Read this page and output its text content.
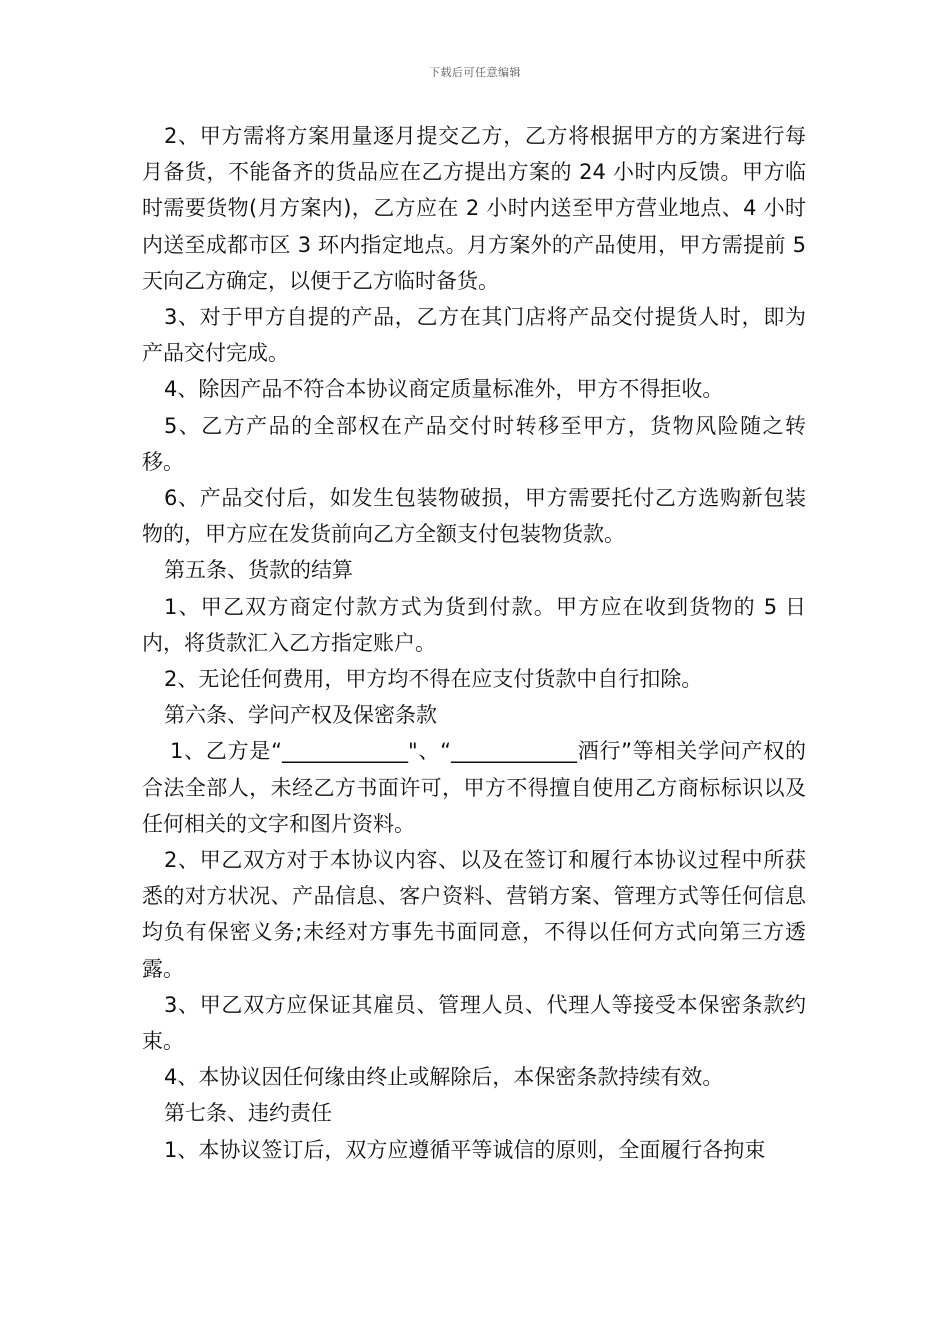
下载后可任意编辑

2、甲方需将方案用量逐月提交乙方，乙方将根据甲方的方案进行每月备货，不能备齐的货品应在乙方提出方案的 24 小时内反馈。甲方临时需要货物(月方案内)，乙方应在 2 小时内送至甲方营业地点、4 小时内送至成都市区 3 环内指定地点。月方案外的产品使用，甲方需提前 5 天向乙方确定，以便于乙方临时备货。

3、对于甲方自提的产品，乙方在其门店将产品交付提货人时，即为产品交付完成。

4、除因产品不符合本协议商定质量标准外，甲方不得拒收。

5、乙方产品的全部权在产品交付时转移至甲方，货物风险随之转移。

6、产品交付后，如发生包装物破损，甲方需要托付乙方选购新包装物的，甲方应在发货前向乙方全额支付包装物货款。

第五条、货款的结算

1、甲乙双方商定付款方式为货到付款。甲方应在收到货物的 5 日内，将货款汇入乙方指定账户。

2、无论任何费用，甲方均不得在应支付货款中自行扣除。

第六条、学问产权及保密条款

1、乙方是“____________"、“____________酒行”等相关学问产权的合法全部人，未经乙方书面许可，甲方不得擅自使用乙方商标标识以及任何相关的文字和图片资料。

2、甲乙双方对于本协议内容、以及在签订和履行本协议过程中所获悉的对方状况、产品信息、客户资料、营销方案、管理方式等任何信息均负有保密义务;未经对方事先书面同意，不得以任何方式向第三方透露。

3、甲乙双方应保证其雇员、管理人员、代理人等接受本保密条款约束。

4、本协议因任何缘由终止或解除后，本保密条款持续有效。

第七条、违约责任

1、本协议签订后，双方应遵循平等诚信的原则，全面履行各拘束
